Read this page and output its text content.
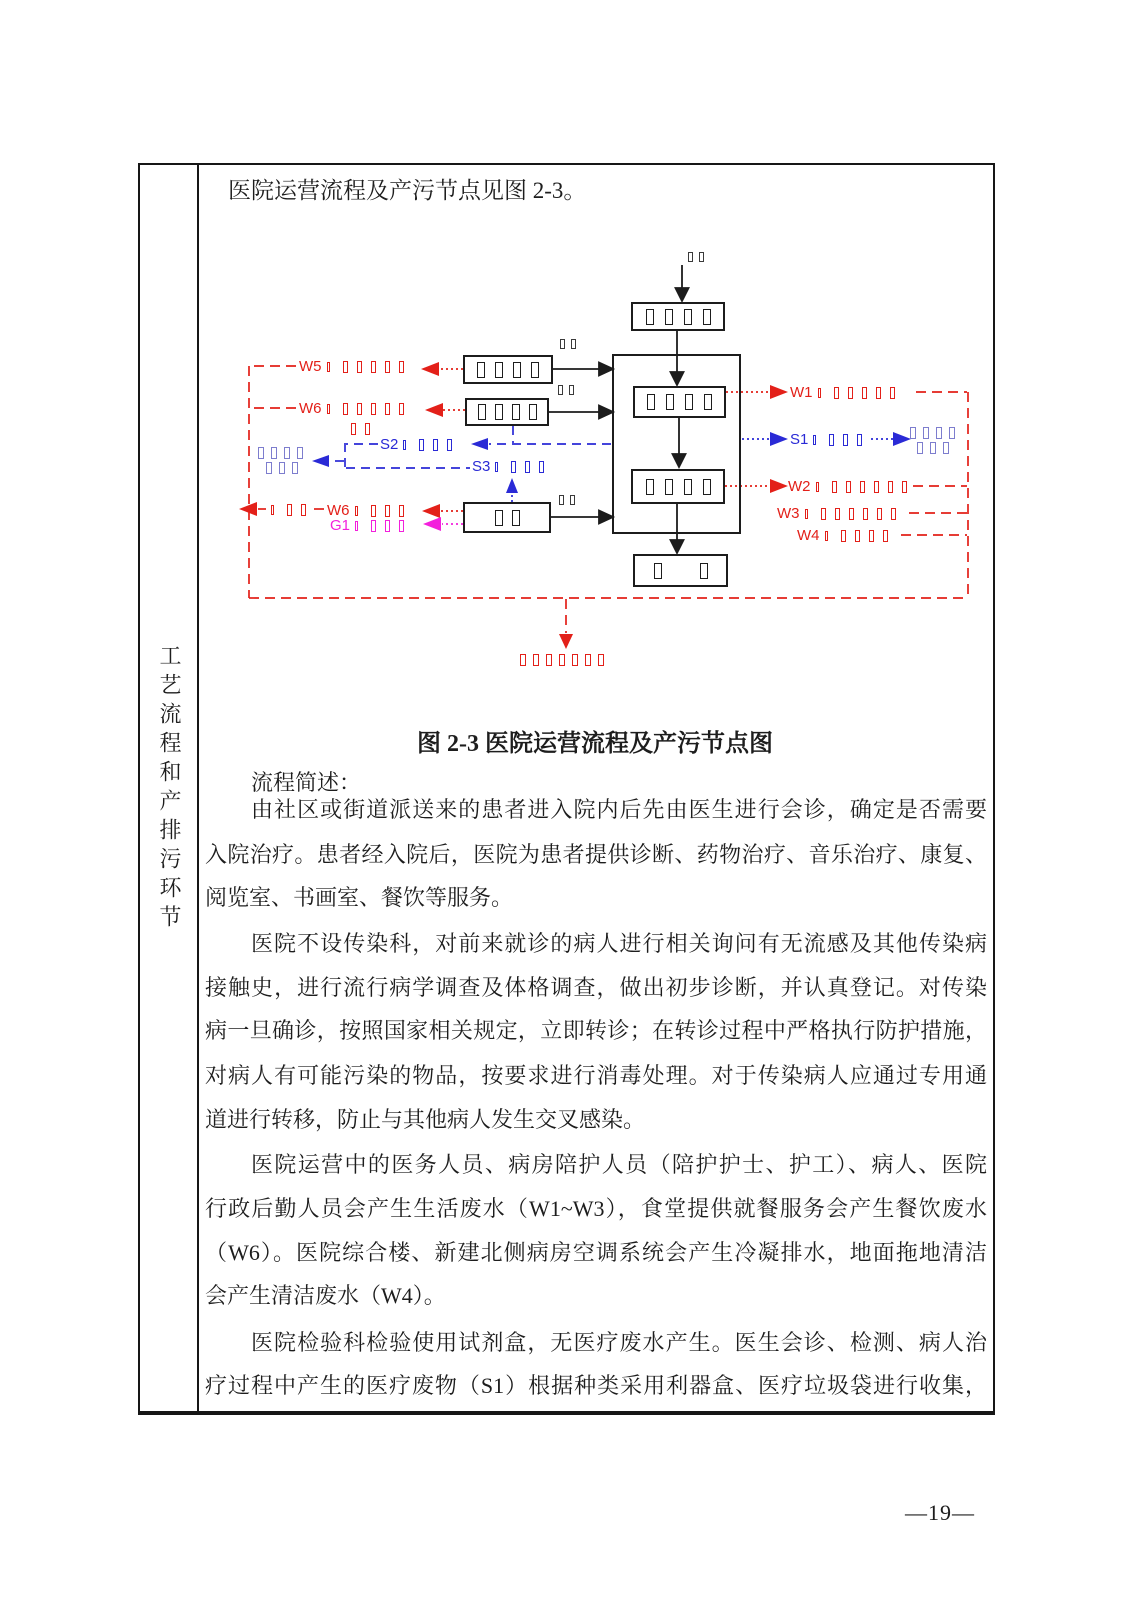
工艺流程和产排污环节
医院运营流程及产污节点见图 2-3。
W5
W6
S2
S3
W6
G1
W1
S1
W2
W3
W4
图 2-3 医院运营流程及产污节点图
流程简述：
由社区或街道派送来的患者进入院内后先由医生进行会诊，确定是否需要
入院治疗。患者经入院后，医院为患者提供诊断、药物治疗、音乐治疗、康复、
阅览室、书画室、餐饮等服务。
医院不设传染科，对前来就诊的病人进行相关询问有无流感及其他传染病
接触史，进行流行病学调查及体格调查，做出初步诊断，并认真登记。对传染
病一旦确诊，按照国家相关规定，立即转诊；在转诊过程中严格执行防护措施，
对病人有可能污染的物品，按要求进行消毒处理。对于传染病人应通过专用通
道进行转移，防止与其他病人发生交叉感染。
医院运营中的医务人员、病房陪护人员（陪护护士、护工）、病人、医院
行政后勤人员会产生生活废水（W1~W3），食堂提供就餐服务会产生餐饮废水
（W6）。医院综合楼、新建北侧病房空调系统会产生冷凝排水，地面拖地清洁
会产生清洁废水（W4）。
医院检验科检验使用试剂盒，无医疗废水产生。医生会诊、检测、病人治
疗过程中产生的医疗废物（S1）根据种类采用利器盒、医疗垃圾袋进行收集，
—19—
